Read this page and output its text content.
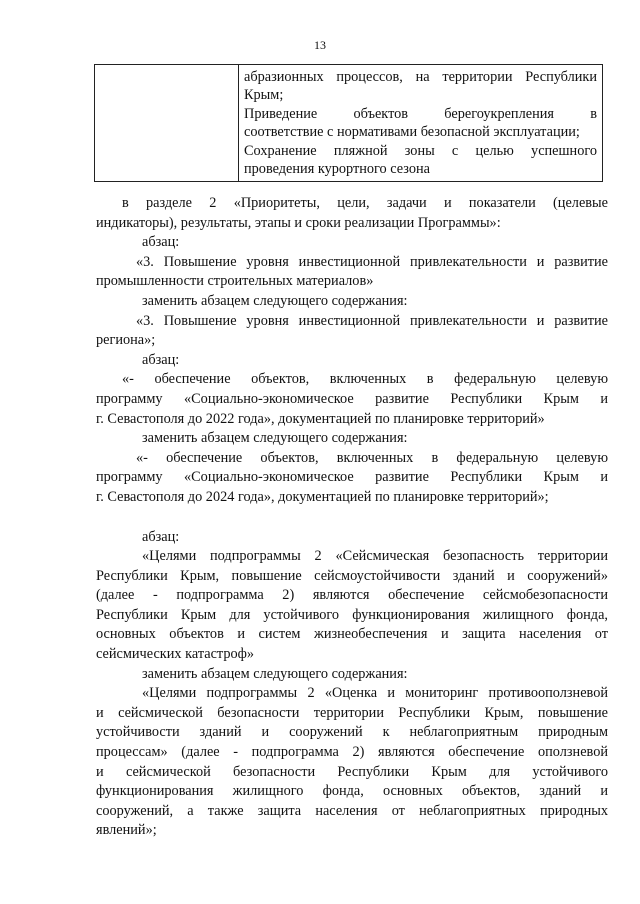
13

абразионных процессов, на территории Республики
Крым;
Приведение объектов берегоукрепления в
соответствие с нормативами безопасной эксплуатации;
Сохранение пляжной зоны с целью успешного
проведения курортного сезона

в разделе 2 «Приоритеты, цели, задачи и показатели (целевые
индикаторы), результаты, этапы и сроки реализации Программы»:

абзац:

«3. Повышение уровня инвестиционной привлекательности и развитие
промышленности строительных материалов»

заменить абзацем следующего содержания:

«3. Повышение уровня инвестиционной привлекательности и развитие
региона»;

абзац:

«- обеспечение объектов, включенных в федеральную целевую
программу «Социально-экономическое развитие Республики Крым и
г. Севастополя до 2022 года», документацией по планировке территорий»

заменить абзацем следующего содержания:

«- обеспечение объектов, включенных в федеральную целевую
программу «Социально-экономическое развитие Республики Крым и
г. Севастополя до 2024 года», документацией по планировке территорий»;

абзац:

«Целями подпрограммы 2 «Сейсмическая безопасность территории
Республики Крым, повышение сейсмоустойчивости зданий и сооружений»
(далее - подпрограмма 2) являются обеспечение сейсмобезопасности
Республики Крым для устойчивого функционирования жилищного фонда,
основных объектов и систем жизнеобеспечения и защита населения от
сейсмических катастроф»

заменить абзацем следующего содержания:

«Целями подпрограммы 2 «Оценка и мониторинг противооползневой
и сейсмической безопасности территории Республики Крым, повышение
устойчивости зданий и сооружений к неблагоприятным природным
процессам» (далее - подпрограмма 2) являются обеспечение оползневой
и сейсмической безопасности Республики Крым для устойчивого
функционирования жилищного фонда, основных объектов, зданий и
сооружений, а также защита населения от неблагоприятных природных
явлений»;
